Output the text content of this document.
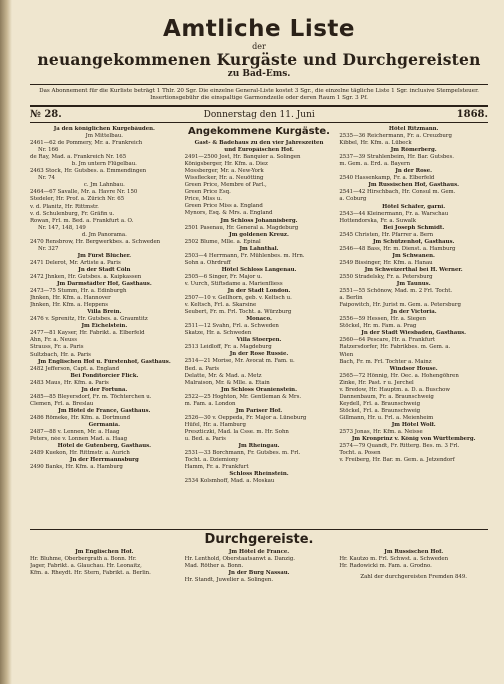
Amtliche Liste
der
neuangekommenen Kurgäste und Durchgereisten
zu Bad-Ems.
Das Abonnement für die Kurliste beträgt 1 Thlr. 20 Sgr. Die einzelne General-Liste kostet 3 Sgr., die einzelne tägliche Liste 1 Sgr. inclusive Stempelsteuer. Insertionsgebühr die einspaltige Garmondzeile oder deren Raum 1 Sgr. 3 Pf.
№ 28.	Donnerstag den 11. Juni	1868.
Ja den königlichen Kurgebäuden.
Jm Mittelbau.
2461—62 de Pommery, Mr. a. Frankreich
Nr. 166
de Ray, Mad. a. Frankreich Nr. 165
b. Jm untern Flügelbau.
2463 Stock, Hr. Gutsbes. a. Emmendingen
Nr. 74
c. Jm Lahnbau.
2464—67 Savalle, Mr. a. Havre Nr. 150
Stedeler, Hr. Prof. a. Zürich Nr. 65
v. d. Planitz, Hr. Rittmstr.
v. d. Schulenburg, Fr. Gräfin u.
Rowan, Frl. m. Bed. a. Frankfurt a. O.
Nr. 147, 148, 149
d. Jm Panorama.
2470 Rensbrow, Hr. Bergwerkbes. a. Schweden
Nr. 327
Jm Fürst Blücher.
2471 Delerot, Mr. Artiste a. Paris
Jn der Stadt Cöln
2472 Jhnken, Hr. Gutsbes. a. Kaipkassen
Jm Darmstädter Hof, Gasthaus.
2473—75 Stumm, Hr. a. Edinburgh
Jhnken, Hr. Kfm. a. Hannover
Jhnken, Hr. Kfm. a. Heppens
Villa Brein.
2476 v. Sprenitz, Hr. Gutsbes. a. Graumtitz
Jm Eichelstein.
2477—81 Kayser, Hr. Fabrikt. a. Elberfeld
Ahn, Fr. a. Neuss
Strauss, Fr. a. Paris
Sultzbach, Hr. a. Paris
Jm Englischen Hof u. Fürstenhof, Gasthaus.
2482 Jefferson, Capt. a. England
Bei Fonditorcier Flick.
2483 Maus, Hr. Kfm. a. Paris
Jn der Fortuna.
2485—85 Bleyersdorf, Fr. m. Töchterchen u.
Clemen, Frl. a. Breslau
Jm Hôtel de France, Gasthaus.
2486 Römeke, Hr. Kfm. a. Dortmund
Germania.
2487—88 v. Lennen, Mr. a. Haag
Peters, née v. Lonnen Mad. a. Haag
Hôtel de Gutenberg, Gasthaus.
2489 Kuekon, Hr. Rittmstr. a. Aurich
Jn der Herrmannsburg
2490 Banks, Hr. Kfm. a. Hamburg
Angekommene Kurgäste.
Gast- & Badehaus zu den vier Jahreszeiten
und Europäischen Hof.
2491—2500 Jost, Hr. Banquier a. Solingen
Königsberger, Hr. Kfm. a. Diez
Mossberger, Mr. a. New-York
Wissflecker, Hr. a. Neuötting
Green Price, Membre of Parl.,
Green Price Esq.
Price, Miss u.
Green Price Miss a. England
Mynors, Esq. & Mrs. a. England
Jm Schloss Johannisberg.
2501 Pasenau, Hr. General a. Magdeburg
Jm goldenen Kreuz.
2502 Blume, Mlle. a. Epinal
Jm Lahnthal.
2503—4 Herrmann, Fr. Mühlenbes. m. Hrn.
Sohn a. Ohrdruff
Hôtel Schloss Langenau.
2505—6 Singer, Fr. Major u.
v. Uurch, Stiftsdame a. Marienfliess
Jn der Stadt London.
2507—10 v. Gellhorn, geb. v. Keltsch u.
v. Keltsch, Frl. a. Skarsine
Seubert, Fr. m. Frl. Tocht. a. Würzburg
Monaco.
2511—12 Svahn, Frl. a. Schweden
Skatze, Hr. a. Schweden
Villa Stoerpen.
2513 Leidloff, Fr. a. Magdeburg
Jn der Rose Russie.
2514—21 Morise, Mr. Avocat m. Fam. u.
Bed. a. Paris
Delatte, Mr. & Mad. a. Metz
Malraison, Mr. & Mlle. a. Etain
Jm Schloss Oranienstein.
2522—25 Hoghton, Mr. Gentleman & Mrs.
m. Fam. a. London
Jm Pariser Hof.
2526—30 v. Oeppeda, Fr. Major a. Lüneburg
Hüfel, Hr. a. Hamburg
Preszticzki, Mad. la Csse. m. Hr. Sohn
u. Bed. a. Paris
Jm Rheingau.
2531—33 Borchmann, Fr. Gutsbes. m. Frl.
Tocht. a. Dziemiony
Hamm, Fr. a. Frankfurt
Schloss Rheinstein.
2534 Kolsmhoff, Mad. a. Moskau
Hôtel Ritzmann.
2535—36 Reichermann, Fr. a. Creuzburg
Kibbel, Hr. Kfm. a. Lübeck
Jm Römerberg.
2537—39 Strahlenbeim, Hr. Bar. Gutsbes.
m. Gem. a. Erd. a. Bayern
Jn der Rose.
2540 Hassenkamp, Fr. a. Elberfeld
Jm Russischen Hof, Gasthaus.
2541—42 Hirschbach, Hr. Consul m. Gem.
a. Coburg
Hôtel Schäfer, garni.
2543—44 Kleinermann, Fr. a. Warschau
Hottendorska, Fr. a. Suwalk
Bei Joseph Schmidt.
2545 Christen, Hr. Pfarrer a. Bern
Jm Schützenhof, Gasthaus.
2546—48 Bass, Hr. m. Dienst. a. Hamburg
Jm Schwanen.
2549 Bissinger, Hr. Kfm. a. Hanau
Jm Schweizerthal bei H. Werner.
2550 Stradelsky, Fr. a. Petersburg
Jm Taunus.
2551—55 Schönow, Mad. m. 2 Frl. Tocht.
a. Berlin
Faipowitch, Hr. Jurist m. Gem. a. Petersburg
Jn der Victoria.
2556—59 Hessen, Hr. a. Siegen
Stöckel, Hr. m. Fam. a. Prag
Jn der Stadt Wiesbaden, Gasthaus.
2560—64 Pescare, Hr. a. Frankfurt
Ratzersdorfer, Hr. Fabrikbes. m. Gem. a.
Wien
Bach, Fr. m. Frl. Tochter a. Mainz
Windsor House.
2565—72 Hönnig, Hr. Oec. a. Hohengöhren
Zinke, Hr. Past. r u. Jerchel
v. Bredow, Hr. Hauptm. a. D. a. Buschow
Dannenbaum, Fr. a. Braunschweig
Keydell, Frl. a. Braunschweig
Stöckel, Frl. a. Braunschweig
Gillmann, Hr. u. Frl. a. Meienheim
Jm Hôtel Wolf.
2573 Jonas, Hr. Kfm. a. Neisse
Jm Kronprinz v. König von Württemberg.
2574—79 Quandt, Fr. Ritterg. Bes. m. 3 Frl.
Tocht. a. Posen
v. Freiberg, Hr. Bar. m. Gem. a. Jetzendorf
Durchgereiste.
Jm Englischen Hof.
Hr. Bluhme, Oberbergrath a. Bonn. Hr.
Jager, Fabrikt. a. Glauchau. Hr. Leonaitz,
Kfm. a. Rheydt. Hr. Stern, Fabrikt. a. Berlin.
Jm Hôtel de France.
Hr. Lenthold, Oberstaatsanwt a. Danzig.
Mad. Röther a. Bonn.
Jn der Burg Nassau.
Hr. Standt, Juwelier a. Solingen.
Jm Russischen Hof.
Hr. Kautzo m. Frl. Schwst. a. Schweden
Hr. Radowicki m. Fam. a. Grodno.
Zahl der durchgereisten Fremden 849.
